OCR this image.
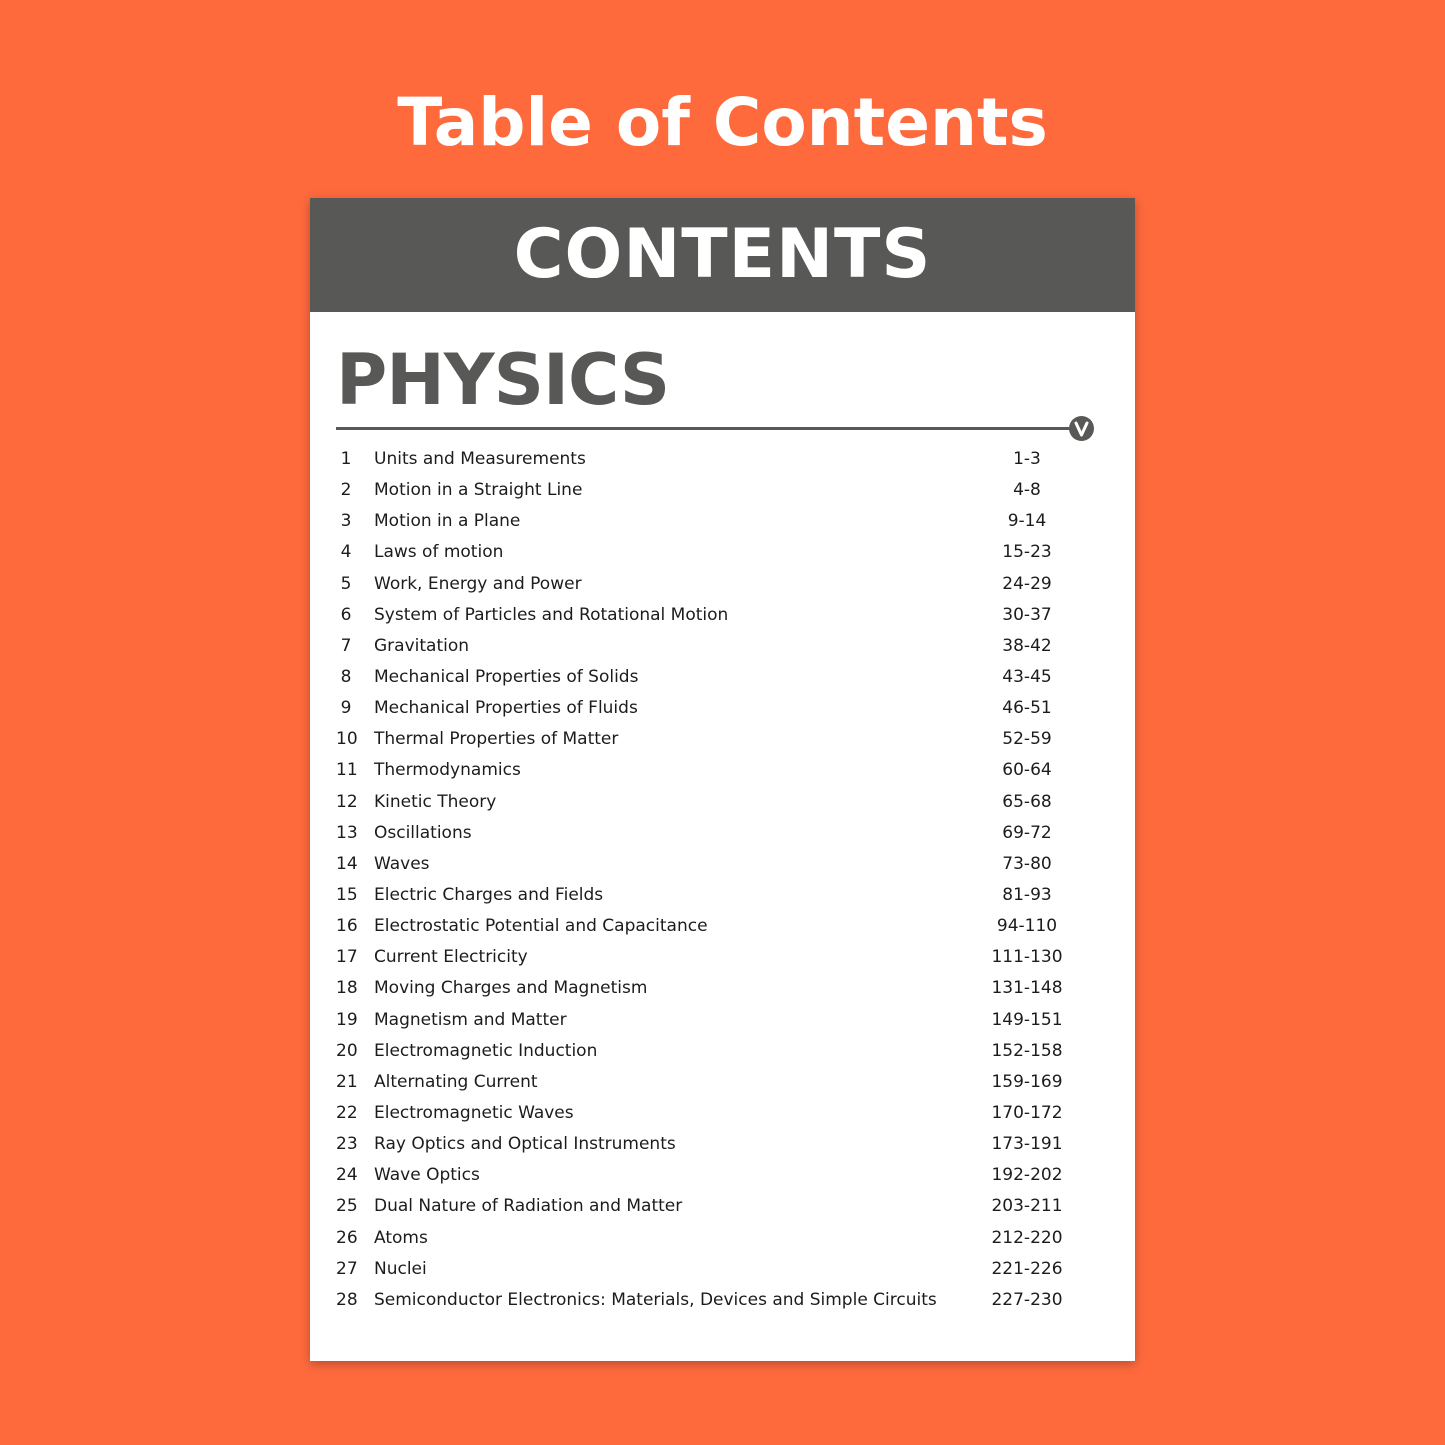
Table of Contents
CONTENTS
PHYSICS
1 Units and Measurements	1-3
2 Motion in a Straight Line	4-8
3 Motion in a Plane	9-14
4 Laws of motion	15-23
5 Work, Energy and Power	24-29
6 System of Particles and Rotational Motion	30-37
7 Gravitation	38-42
8 Mechanical Properties of Solids	43-45
9 Mechanical Properties of Fluids	46-51
10 Thermal Properties of Matter	52-59
11 Thermodynamics	60-64
12 Kinetic Theory	65-68
13 Oscillations	69-72
14 Waves	73-80
15 Electric Charges and Fields	81-93
16 Electrostatic Potential and Capacitance	94-110
17 Current Electricity	111-130
18 Moving Charges and Magnetism	131-148
19 Magnetism and Matter	149-151
20 Electromagnetic Induction	152-158
21 Alternating Current	159-169
22 Electromagnetic Waves	170-172
23 Ray Optics and Optical Instruments	173-191
24 Wave Optics	192-202
25 Dual Nature of Radiation and Matter	203-211
26 Atoms	212-220
27 Nuclei	221-226
28 Semiconductor Electronics: Materials, Devices and Simple Circuits	227-230
